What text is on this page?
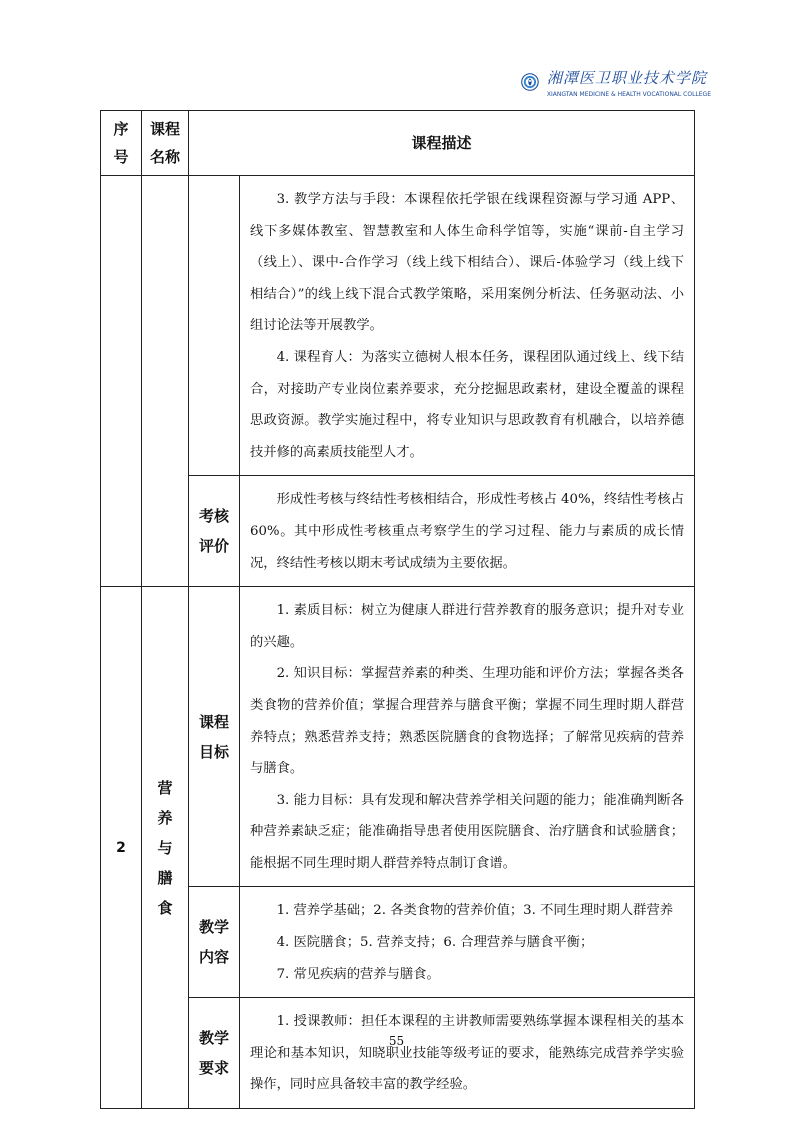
湘潭医卫职业技术学院
XIANGTAN MEDICINE & HEALTH VOCATIONAL COLLEGE
序号	课程名称	课程描述	

			3. 教学方法与手段：本课程依托学银在线课程资源与学习通 APP、线下多媒体教室、智慧教室和人体生命科学馆等，实施“课前-自主学习（线上）、课中-合作学习（线上线下相结合）、课后-体验学习（线上线下相结合）”的线上线下混合式教学策略，采用案例分析法、任务驱动法、小组讨论法等开展教学。

4. 课程育人：为落实立德树人根本任务，课程团队通过线上、线下结合，对接助产专业岗位素养要求，充分挖掘思政素材，建设全覆盖的课程思政资源。教学实施过程中，将专业知识与思政教育有机融合，以培养德技并修的高素质技能型人才。

		考核评价	形成性考核与终结性考核相结合，形成性考核占 40%，终结性考核占 60%。其中形成性考核重点考察学生的学习过程、能力与素质的成长情况，终结性考核以期末考试成绩为主要依据。

2	营养与膳食	课程目标	1. 素质目标：树立为健康人群进行营养教育的服务意识；提升对专业的兴趣。

2. 知识目标：掌握营养素的种类、生理功能和评价方法；掌握各类各类食物的营养价值；掌握合理营养与膳食平衡；掌握不同生理时期人群营养特点；熟悉营养支持；熟悉医院膳食的食物选择；了解常见疾病的营养与膳食。

3. 能力目标：具有发现和解决营养学相关问题的能力；能准确判断各种营养素缺乏症；能准确指导患者使用医院膳食、治疗膳食和试验膳食；能根据不同生理时期人群营养特点制订食谱。

		教学内容	1. 营养学基础；2. 各类食物的营养价值；3. 不同生理时期人群营养

4. 医院膳食；5. 营养支持；6. 合理营养与膳食平衡；

7. 常见疾病的营养与膳食。

		教学要求	1. 授课教师：担任本课程的主讲教师需要熟练掌握本课程相关的基本理论和基本知识，知晓职业技能等级考证的要求，能熟练完成营养学实验操作，同时应具备较丰富的教学经验。

55
